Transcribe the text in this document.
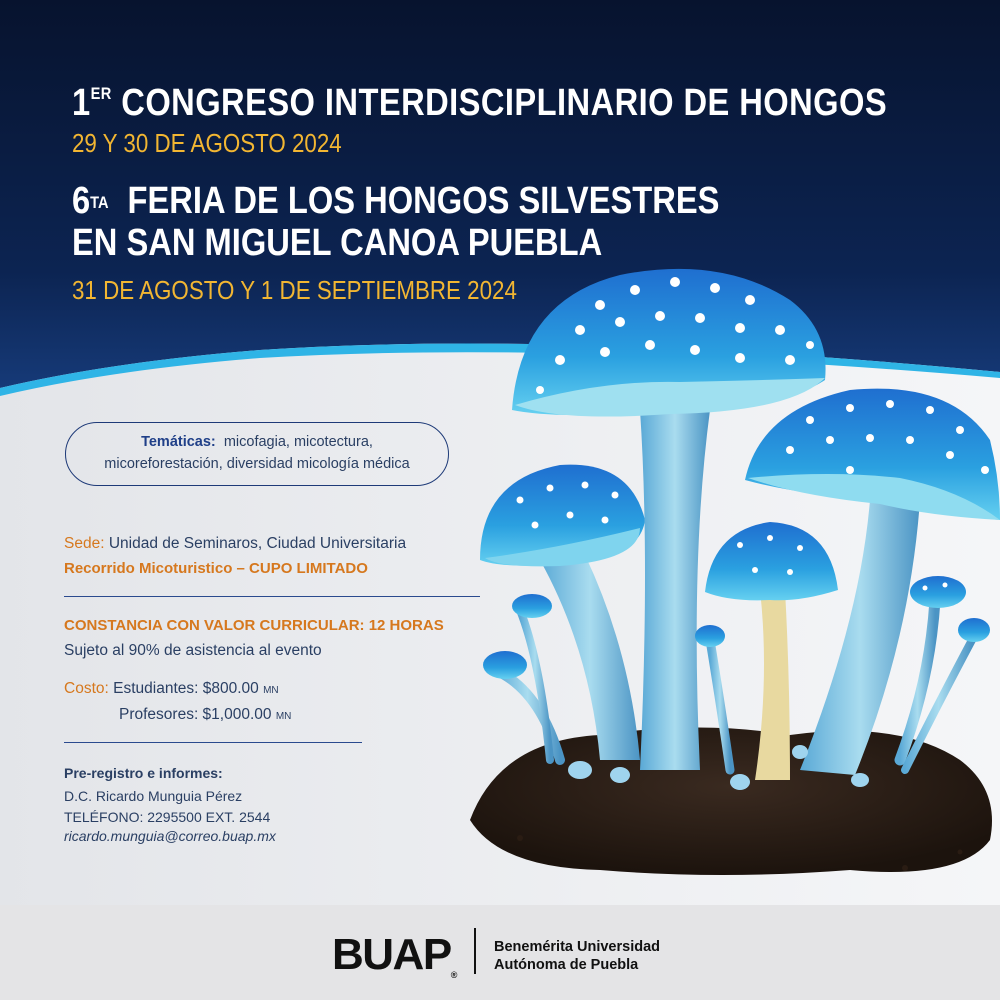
1ER CONGRESO INTERDISCIPLINARIO DE HONGOS
29 Y 30 DE AGOSTO 2024
$6^{TA}$ FERIA DE LOS HONGOS SILVESTRES
EN SAN MIGUEL CANOA PUEBLA
31 DE AGOSTO Y 1 DE SEPTIEMBRE 2024
Temáticas: micofagia, micotectura,
micoreforestación, diversidad micología médica
Sede: Unidad de Seminaros, Ciudad Universitaria
Recorrido Micoturistico – CUPO LIMITADO
CONSTANCIA CON VALOR CURRICULAR: 12 HORAS
Sujeto al 90% de asistencia al evento
Costo: Estudiantes: $800.00 MN
Profesores: $1,000.00 MN
Pre-registro e informes:
D.C. Ricardo Munguia Pérez
TELÉFONO: 2295500 EXT. 2544
ricardo.munguia@correo.buap.mx
BUAP®
Benemérita Universidad
Autónoma de Puebla
